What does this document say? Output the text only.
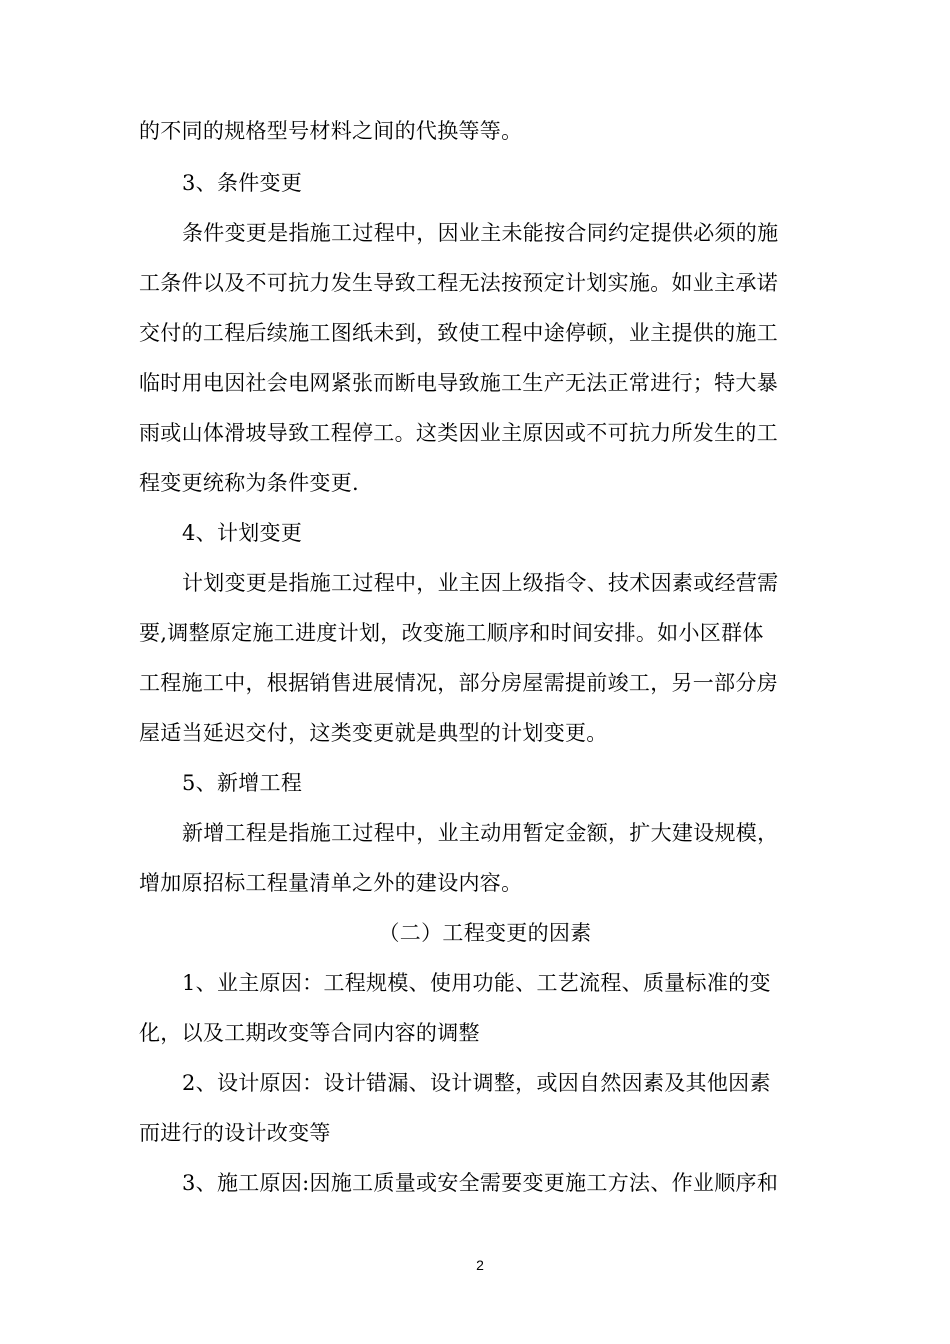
的不同的规格型号材料之间的代换等等。
3、条件变更
条件变更是指施工过程中，因业主未能按合同约定提供必须的施
工条件以及不可抗力发生导致工程无法按预定计划实施。如业主承诺
交付的工程后续施工图纸未到，致使工程中途停顿，业主提供的施工
临时用电因社会电网紧张而断电导致施工生产无法正常进行；特大暴
雨或山体滑坡导致工程停工。这类因业主原因或不可抗力所发生的工
程变更统称为条件变更.
4、计划变更
计划变更是指施工过程中，业主因上级指令、技术因素或经营需
要,调整原定施工进度计划，改变施工顺序和时间安排。如小区群体
工程施工中，根据销售进展情况，部分房屋需提前竣工，另一部分房
屋适当延迟交付，这类变更就是典型的计划变更。
5、新增工程
新增工程是指施工过程中，业主动用暂定金额，扩大建设规模，
增加原招标工程量清单之外的建设内容。
（二）工程变更的因素
1、业主原因：工程规模、使用功能、工艺流程、质量标准的变
化，以及工期改变等合同内容的调整
2、设计原因：设计错漏、设计调整，或因自然因素及其他因素
而进行的设计改变等
3、施工原因:因施工质量或安全需要变更施工方法、作业顺序和
2
